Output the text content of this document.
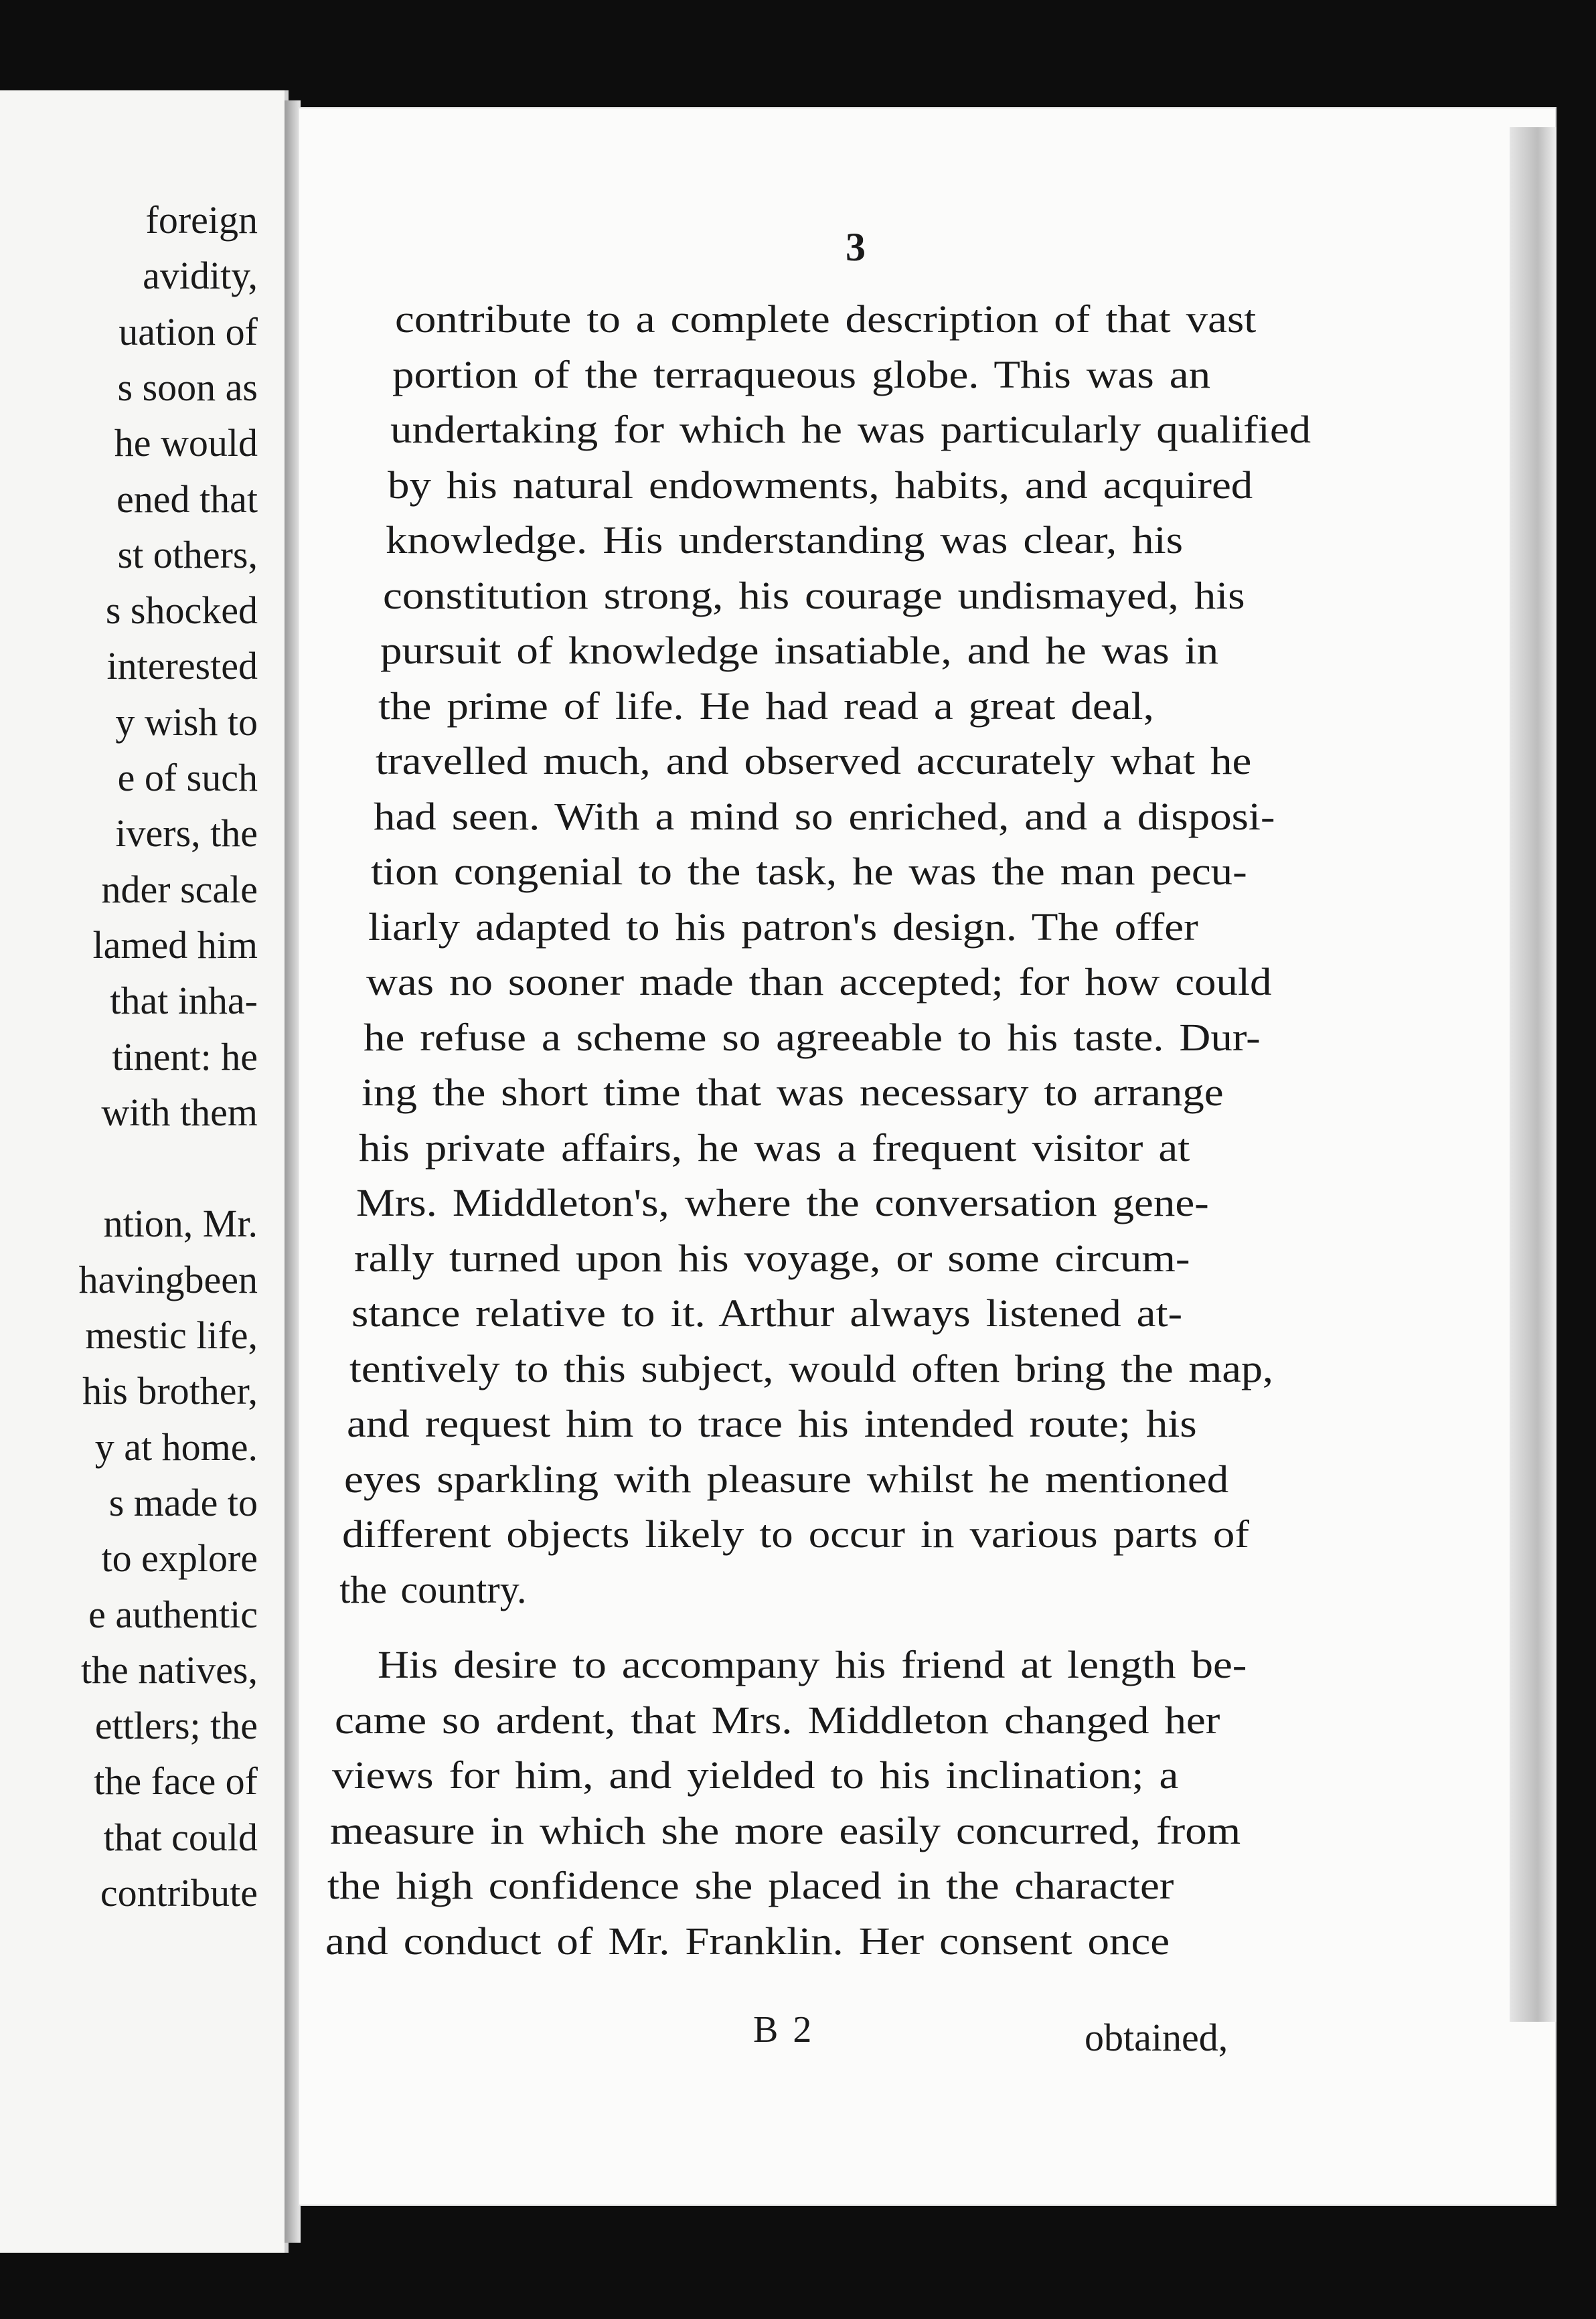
foreign
avidity,
uation of
s soon as
he would
ened that
st others,
s shocked
interested
y wish to
e of such
ivers, the
nder scale
lamed him
that inha-
tinent: he
with them
ntion, Mr.
havingbeen
mestic life,
his brother,
y at home.
s made to
to explore
e authentic
the natives,
ettlers; the
the face of
that could
contribute
3
contribute to a complete description of that vast
portion of the terraqueous globe. This was an
undertaking for which he was particularly qualified
by his natural endowments, habits, and acquired
knowledge. His understanding was clear, his
constitution strong, his courage undismayed, his
pursuit of knowledge insatiable, and he was in
the prime of life. He had read a great deal,
travelled much, and observed accurately what he
had seen. With a mind so enriched, and a disposi-
tion congenial to the task, he was the man pecu-
liarly adapted to his patron's design. The offer
was no sooner made than accepted; for how could
he refuse a scheme so agreeable to his taste. Dur-
ing the short time that was necessary to arrange
his private affairs, he was a frequent visitor at
Mrs. Middleton's, where the conversation gene-
rally turned upon his voyage, or some circum-
stance relative to it. Arthur always listened at-
tentively to this subject, would often bring the map,
and request him to trace his intended route; his
eyes sparkling with pleasure whilst he mentioned
different objects likely to occur in various parts of
the country.
His desire to accompany his friend at length be-
came so ardent, that Mrs. Middleton changed her
views for him, and yielded to his inclination; a
measure in which she more easily concurred, from
the high confidence she placed in the character
and conduct of Mr. Franklin. Her consent once
B 2	obtained,
